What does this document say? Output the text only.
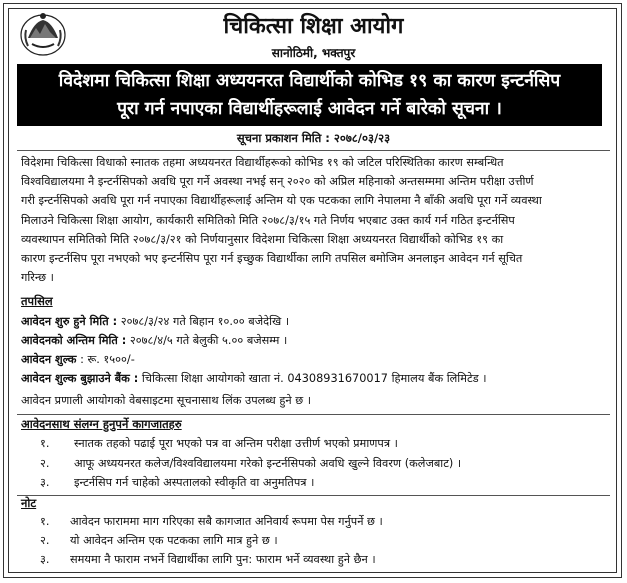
चिकित्सा शिक्षा आयोग
सानोठिमी, भक्तपुर
विदेशमा चिकित्सा शिक्षा अध्ययनरत विद्यार्थीको कोभिड १९ का कारण इन्टर्नसिप
पूरा गर्न नपाएका विद्यार्थीहरूलाई आवेदन गर्ने बारेको सूचना ।
सूचना प्रकाशन मिति : २०७८/०३/२३
विदेशमा चिकित्सा विधाको स्नातक तहमा अध्ययनरत विद्यार्थीहरूको कोभिड १९ को जटिल परिस्थितिका कारण सम्बन्धित
विश्वविद्यालयमा नै इन्टर्नसिपको अवधि पूरा गर्ने अवस्था नभई सन् २०२० को अप्रिल महिनाको अन्तसम्ममा अन्तिम परीक्षा उत्तीर्ण
गरी इन्टर्नसिपको अवधि पूरा गर्न नपाएका विद्यार्थीहरूलाई अन्तिम यो एक पटकका लागि नेपालमा नै बाँकी अवधि पूरा गर्ने व्यवस्था
मिलाउने चिकित्सा शिक्षा आयोग, कार्यकारी समितिको मिति २०७८/३/१५ गते निर्णय भएबाट उक्त कार्य गर्न गठित इन्टर्नसिप
व्यवस्थापन समितिको मिति २०७८/३/२१ को निर्णयानुसार विदेशमा चिकित्सा शिक्षा अध्ययनरत विद्यार्थीको कोभिड १९ का
कारण इन्टर्नसिप पूरा नभएको भए इन्टर्नसिप पूरा गर्न इच्छुक विद्यार्थीका लागि तपसिल बमोजिम अनलाइन आवेदन गर्न सूचित
गरिन्छ ।
तपसिल
आवेदन शुरु हुने मिति : २०७८/३/२४ गते बिहान १०.०० बजेदेखि ।
आवेदनको अन्तिम मिति : २०७८/४/५ गते बेलुकी ५.०० बजेसम्म ।
आवेदन शुल्क : रू. १५००/-
आवेदन शुल्क बुझाउने बैंक : चिकित्सा शिक्षा आयोगको खाता नं. 04308931670017 हिमालय बैंक लिमिटेड ।
आवेदन प्रणाली आयोगको वेबसाइटमा सूचनासाथ लिंक उपलब्ध हुने छ ।
आवेदनसाथ संलग्न हुनुपर्ने कागजातहरु
१. स्नातक तहको पढाई पूरा भएको पत्र वा अन्तिम परीक्षा उत्तीर्ण भएको प्रमाणपत्र ।
२. आफू अध्ययनरत कलेज/विश्वविद्यालयमा गरेको इन्टर्नसिपको अवधि खुल्ने विवरण (कलेजबाट) ।
३. इन्टर्नसिप गर्न चाहेको अस्पतालको स्वीकृति वा अनुमतिपत्र ।
नोट
१. आवेदन फाराममा माग गरिएका सबै कागजात अनिवार्य रूपमा पेस गर्नुपर्ने छ ।
२. यो आवेदन अन्तिम एक पटकका लागि मात्र हुने छ ।
३. समयमा नै फाराम नभर्ने विद्यार्थीका लागि पुन: फाराम भर्ने व्यवस्था हुने छैन ।
